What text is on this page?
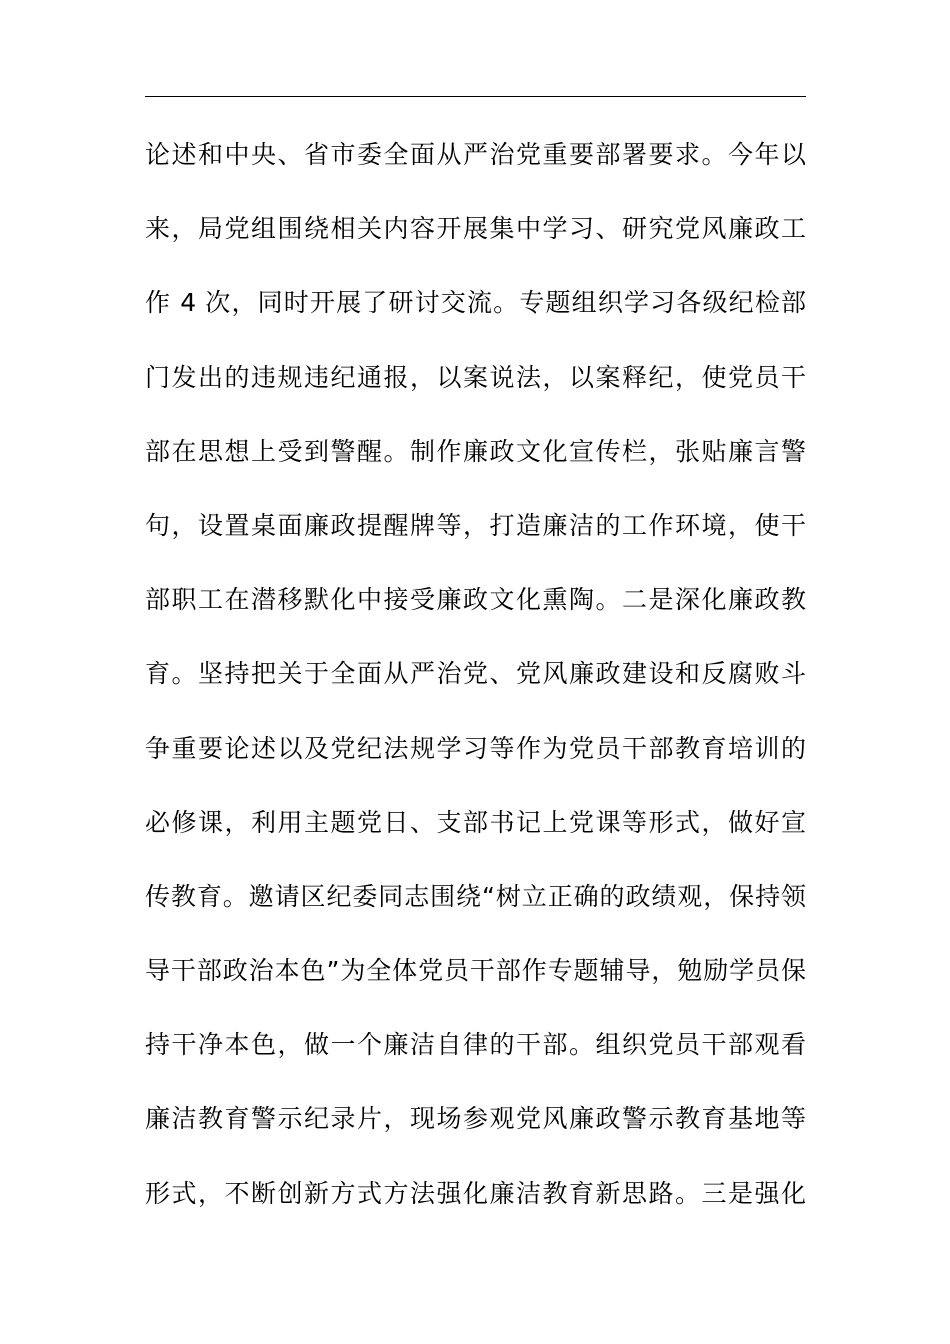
论述和中央、省市委全面从严治党重要部署要求。今年以
来，局党组围绕相关内容开展集中学习、研究党风廉政工
作 4 次，同时开展了研讨交流。专题组织学习各级纪检部
门发出的违规违纪通报，以案说法，以案释纪，使党员干
部在思想上受到警醒。制作廉政文化宣传栏，张贴廉言警
句，设置桌面廉政提醒牌等，打造廉洁的工作环境，使干
部职工在潜移默化中接受廉政文化熏陶。二是深化廉政教
育。坚持把关于全面从严治党、党风廉政建设和反腐败斗
争重要论述以及党纪法规学习等作为党员干部教育培训的
必修课，利用主题党日、支部书记上党课等形式，做好宣
传教育。邀请区纪委同志围绕“树立正确的政绩观，保持领
导干部政治本色”为全体党员干部作专题辅导，勉励学员保
持干净本色，做一个廉洁自律的干部。组织党员干部观看
廉洁教育警示纪录片，现场参观党风廉政警示教育基地等
形式，不断创新方式方法强化廉洁教育新思路。三是强化
